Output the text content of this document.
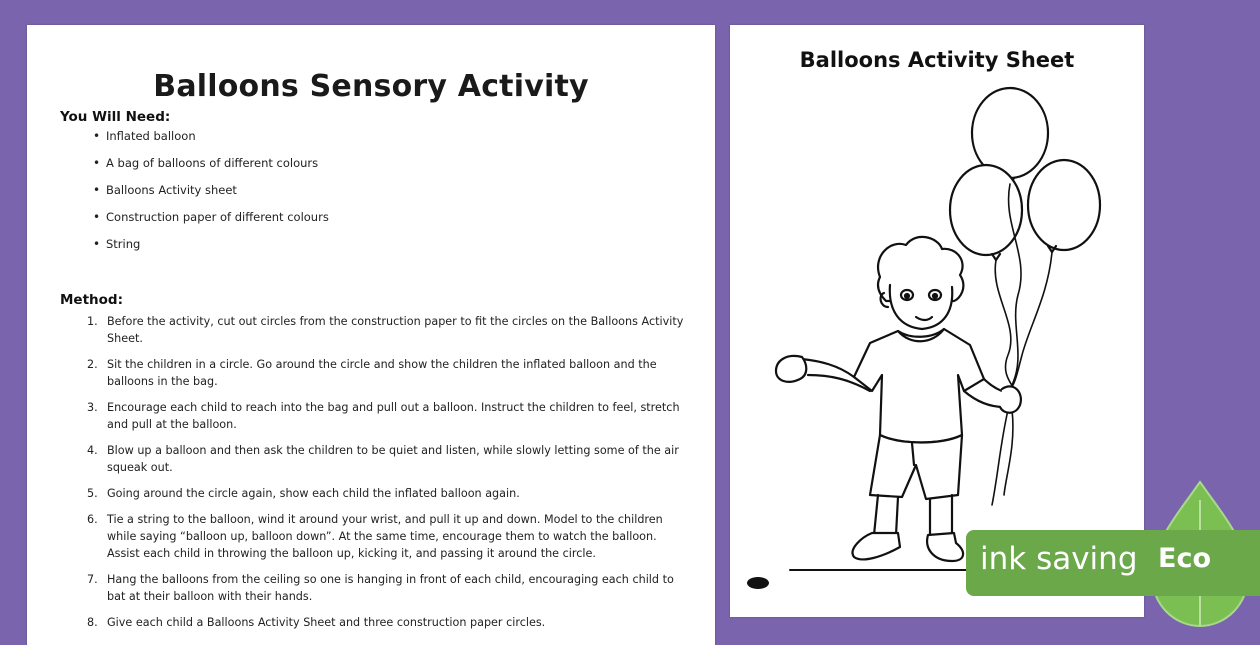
Balloons Sensory Activity
You Will Need:
• Inflated balloon
• A bag of balloons of different colours
• Balloons Activity sheet
• Construction paper of different colours
• String
Method:
1. Before the activity, cut out circles from the construction paper to fit the circles on the Balloons Activity Sheet.
2. Sit the children in a circle. Go around the circle and show the children the inflated balloon and the balloons in the bag.
3. Encourage each child to reach into the bag and pull out a balloon. Instruct the children to feel, stretch and pull at the balloon.
4. Blow up a balloon and then ask the children to be quiet and listen, while slowly letting some of the air squeak out.
5. Going around the circle again, show each child the inflated balloon again.
6. Tie a string to the balloon, wind it around your wrist, and pull it up and down. Model to the children while saying “balloon up, balloon down”. At the same time, encourage them to watch the balloon. Assist each child in throwing the balloon up, kicking it, and passing it around the circle.
7. Hang the balloons from the ceiling so one is hanging in front of each child, encouraging each child to bat at their balloon with their hands.
8. Give each child a Balloons Activity Sheet and three construction paper circles.
Balloons Activity Sheet
ink saving Eco
